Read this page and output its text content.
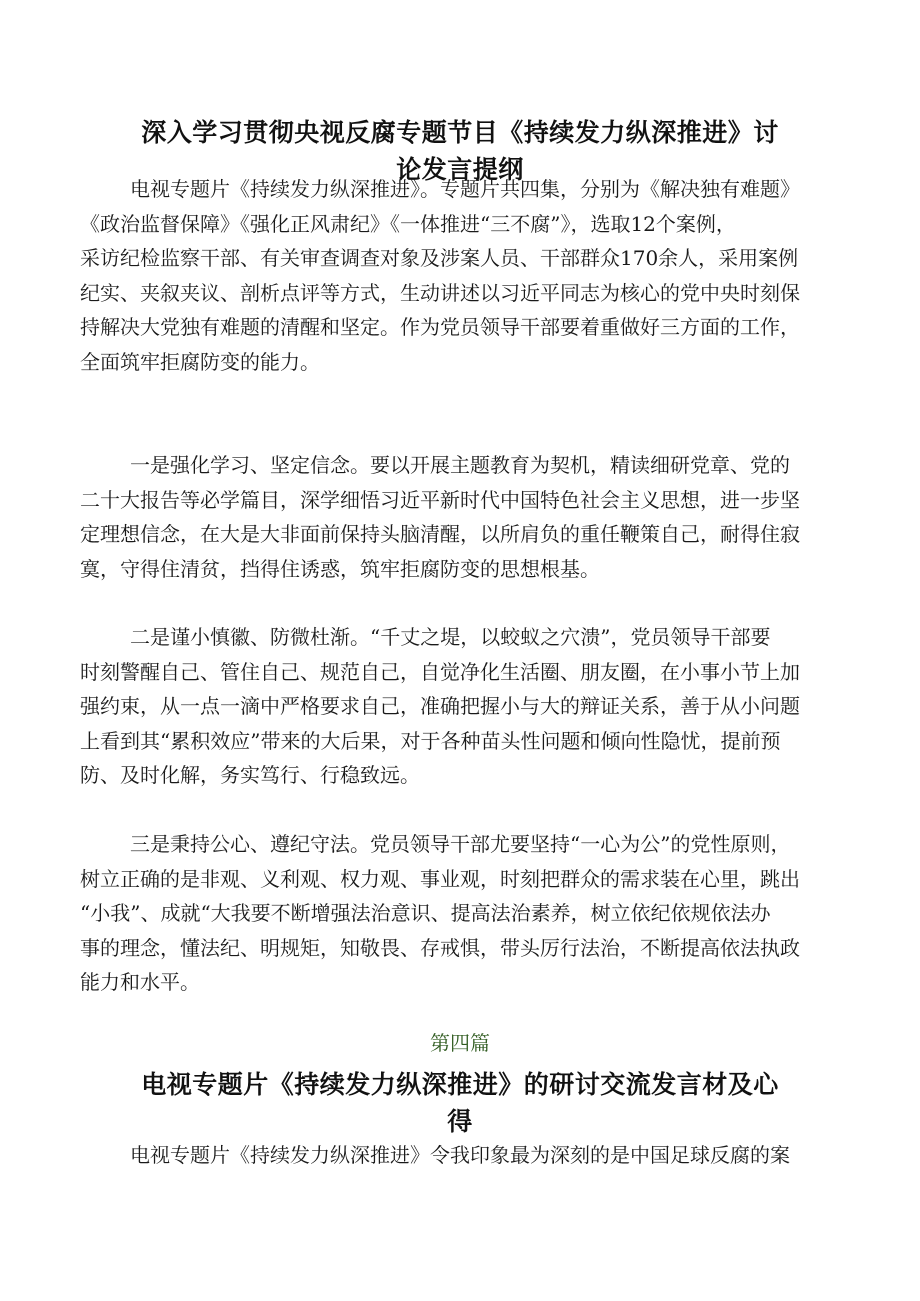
深入学习贯彻央视反腐专题节目《持续发力纵深推进》讨
论发言提纲
电视专题片《持续发力纵深推进》。专题片共四集，分别为《解决独有难题》
《政治监督保障》《强化正风肃纪》《一体推进“三不腐”》，选取12个案例，
采访纪检监察干部、有关审查调查对象及涉案人员、干部群众170余人，采用案例
纪实、夹叙夹议、剖析点评等方式，生动讲述以习近平同志为核心的党中央时刻保
持解决大党独有难题的清醒和坚定。作为党员领导干部要着重做好三方面的工作，
全面筑牢拒腐防变的能力。
一是强化学习、坚定信念。要以开展主题教育为契机，精读细研党章、党的
二十大报告等必学篇目，深学细悟习近平新时代中国特色社会主义思想，进一步坚
定理想信念，在大是大非面前保持头脑清醒，以所肩负的重任鞭策自己，耐得住寂
寞，守得住清贫，挡得住诱惑，筑牢拒腐防变的思想根基。
二是谨小慎徽、防微杜渐。“千丈之堤，以蛟蚁之穴溃”，党员领导干部要
时刻警醒自己、管住自己、规范自己，自觉净化生活圈、朋友圈，在小事小节上加
强约束，从一点一滴中严格要求自己，准确把握小与大的辩证关系，善于从小问题
上看到其“累积效应”带来的大后果，对于各种苗头性问题和倾向性隐忧，提前预
防、及时化解，务实笃行、行稳致远。
三是秉持公心、遵纪守法。党员领导干部尤要坚持“一心为公”的党性原则，
树立正确的是非观、义利观、权力观、事业观，时刻把群众的需求装在心里，跳出
“小我”、成就“大我要不断增强法治意识、提高法治素养，树立依纪依规依法办
事的理念，懂法纪、明规矩，知敬畏、存戒惧，带头厉行法治，不断提高依法执政
能力和水平。
第四篇
电视专题片《持续发力纵深推进》的研讨交流发言材及心
得
电视专题片《持续发力纵深推进》令我印象最为深刻的是中国足球反腐的案
